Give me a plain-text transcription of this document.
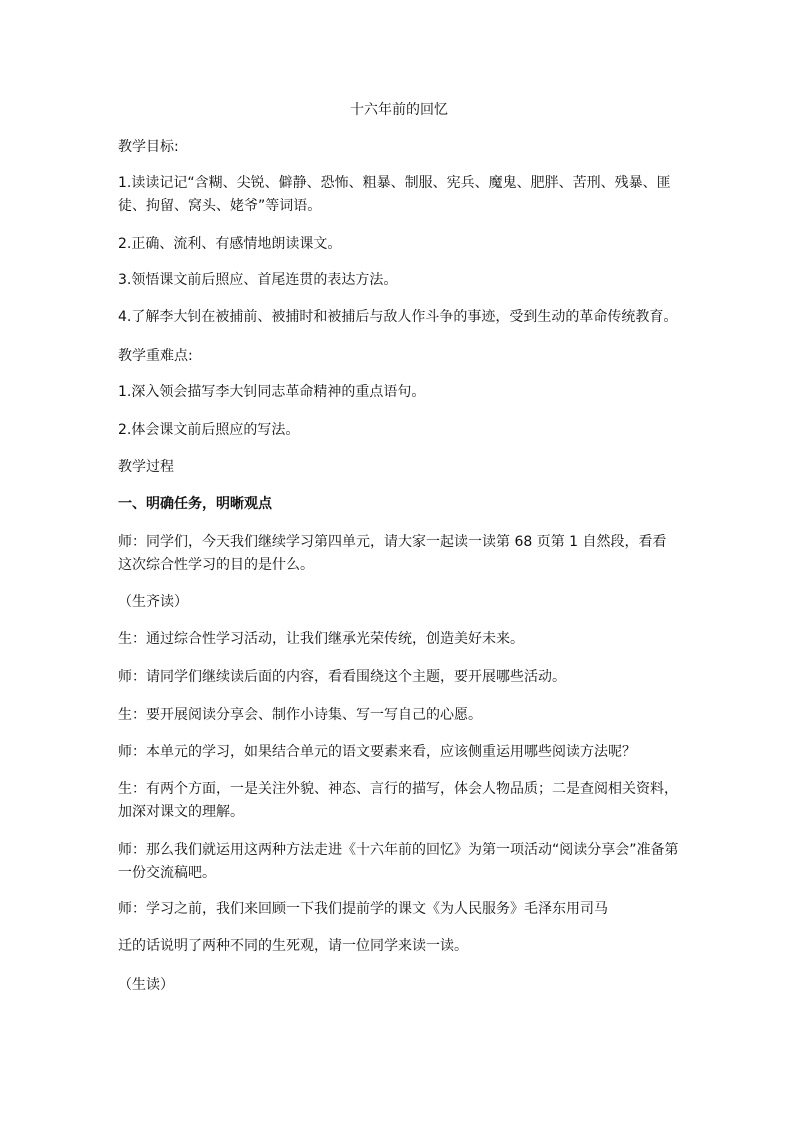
十六年前的回忆

教学目标:

1.读读记记“含糊、尖锐、僻静、恐怖、粗暴、制服、宪兵、魔鬼、肥胖、苦刑、残暴、匪徒、拘留、窝头、姥爷”等词语。

2.正确、流利、有感情地朗读课文。

3.领悟课文前后照应、首尾连贯的表达方法。

4.了解李大钊在被捕前、被捕时和被捕后与敌人作斗争的事迹，受到生动的革命传统教育。

教学重难点:

1.深入领会描写李大钊同志革命精神的重点语句。

2.体会课文前后照应的写法。

教学过程

一、明确任务，明晰观点

师：同学们，今天我们继续学习第四单元，请大家一起读一读第 68 页第 1 自然段，看看这次综合性学习的目的是什么。

（生齐读）

生：通过综合性学习活动，让我们继承光荣传统，创造美好未来。

师：请同学们继续读后面的内容，看看围绕这个主题，要开展哪些活动。

生：要开展阅读分享会、制作小诗集、写一写自己的心愿。

师：本单元的学习，如果结合单元的语文要素来看，应该侧重运用哪些阅读方法呢？

生：有两个方面，一是关注外貌、神态、言行的描写，体会人物品质；二是查阅相关资料，加深对课文的理解。

师：那么我们就运用这两种方法走进《十六年前的回忆》为第一项活动“阅读分享会”准备第一份交流稿吧。

师：学习之前，我们来回顾一下我们提前学的课文《为人民服务》毛泽东用司马

迁的话说明了两种不同的生死观，请一位同学来读一读。

（生读）
